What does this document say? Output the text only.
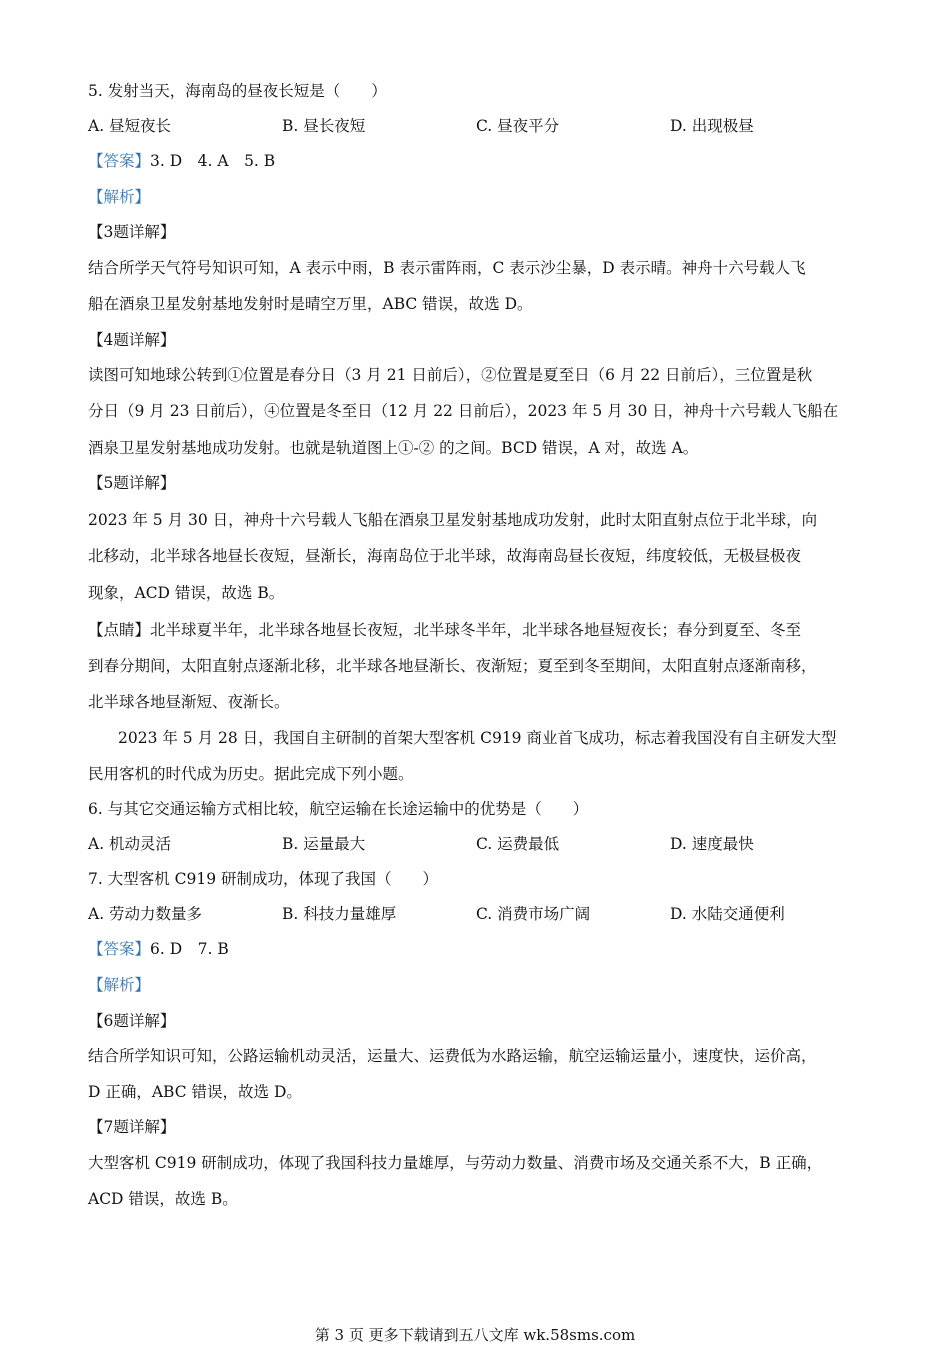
5. 发射当天，海南岛的昼夜长短是（　　）
A. 昼短夜长	B. 昼长夜短	C. 昼夜平分	D. 出现极昼
【答案】3. D　4. A　5. B
【解析】
【3题详解】
结合所学天气符号知识可知，A 表示中雨，B 表示雷阵雨，C 表示沙尘暴，D 表示晴。神舟十六号载人飞
船在酒泉卫星发射基地发射时是晴空万里，ABC 错误，故选 D。
【4题详解】
读图可知地球公转到①位置是春分日（3 月 21 日前后），②位置是夏至日（6 月 22 日前后），三位置是秋
分日（9 月 23 日前后），④位置是冬至日（12 月 22 日前后），2023 年 5 月 30 日，神舟十六号载人飞船在
酒泉卫星发射基地成功发射。也就是轨道图上①-② 的之间。BCD 错误，A 对，故选 A。
【5题详解】
2023 年 5 月 30 日，神舟十六号载人飞船在酒泉卫星发射基地成功发射，此时太阳直射点位于北半球，向
北移动，北半球各地昼长夜短，昼渐长，海南岛位于北半球，故海南岛昼长夜短，纬度较低，无极昼极夜
现象，ACD 错误，故选 B。
【点睛】北半球夏半年，北半球各地昼长夜短，北半球冬半年，北半球各地昼短夜长；春分到夏至、冬至
到春分期间，太阳直射点逐渐北移，北半球各地昼渐长、夜渐短；夏至到冬至期间，太阳直射点逐渐南移，
北半球各地昼渐短、夜渐长。
2023 年 5 月 28 日，我国自主研制的首架大型客机 C919 商业首飞成功，标志着我国没有自主研发大型
民用客机的时代成为历史。据此完成下列小题。
6. 与其它交通运输方式相比较，航空运输在长途运输中的优势是（　　）
A. 机动灵活	B. 运量最大	C. 运费最低	D. 速度最快
7. 大型客机 C919 研制成功，体现了我国（　　）
A. 劳动力数量多	B. 科技力量雄厚	C. 消费市场广阔	D. 水陆交通便利
【答案】6. D　7. B
【解析】
【6题详解】
结合所学知识可知，公路运输机动灵活，运量大、运费低为水路运输，航空运输运量小，速度快，运价高，
D 正确，ABC 错误，故选 D。
【7题详解】
大型客机 C919 研制成功，体现了我国科技力量雄厚，与劳动力数量、消费市场及交通关系不大，B 正确，
ACD 错误，故选 B。
第 3 页 更多下载请到五八文库 wk.58sms.com
